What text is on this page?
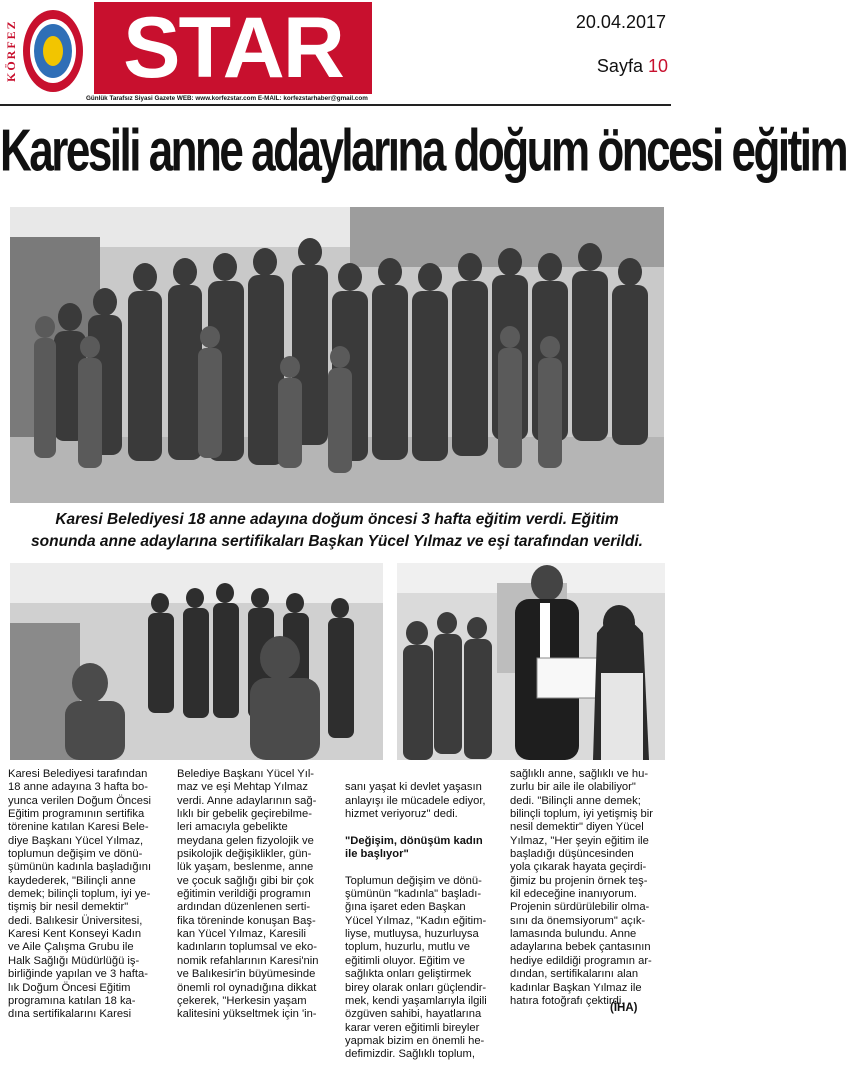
KÖRFEZ	STAR
Günlük Tarafsız Siyasi Gazete WEB: www.korfezstar.com E-MAIL: korfezstarhaber@gmail.com
20.04.2017
Sayfa 10
Karesili anne adaylarına doğum öncesi eğitim
Karesi Belediyesi 18 anne adayına doğum öncesi 3 hafta eğitim verdi. Eğitim
sonunda anne adaylarına sertifikaları Başkan Yücel Yılmaz ve eşi tarafından verildi.
Karesi Belediyesi tarafından
18 anne adayına 3 hafta bo-
yunca verilen Doğum Öncesi
Eğitim programının sertifika
törenine katılan Karesi Bele-
diye Başkanı Yücel Yılmaz,
toplumun değişim ve dönü-
şümünün kadınla başladığını
kaydederek, "Bilinçli anne
demek; bilinçli toplum, iyi ye-
tişmiş bir nesil demektir"
dedi. Balıkesir Üniversitesi,
Karesi Kent Konseyi Kadın
ve Aile Çalışma Grubu ile
Halk Sağlığı Müdürlüğü iş-
birliğinde yapılan ve 3 hafta-
lık Doğum Öncesi Eğitim
programına katılan 18 ka-
dına sertifikalarını Karesi
Belediye Başkanı Yücel Yıl-
maz ve eşi Mehtap Yılmaz
verdi. Anne adaylarının sağ-
lıklı bir gebelik geçirebilme-
leri amacıyla gebelikte
meydana gelen fizyolojik ve
psikolojik değişiklikler, gün-
lük yaşam, beslenme, anne
ve çocuk sağlığı gibi bir çok
eğitimin verildiği programın
ardından düzenlenen serti-
fika töreninde konuşan Baş-
kan Yücel Yılmaz, Karesili
kadınların toplumsal ve eko-
nomik refahlarının Karesi'nin
ve Balıkesir'in büyümesinde
önemli rol oynadığına dikkat
çekerek, "Herkesin yaşam
kalitesini yükseltmek için 'in-

sanı yaşat ki devlet yaşasın
anlayışı ile mücadele ediyor,
hizmet veriyoruz" dedi.

"Değişim, dönüşüm kadın
ile başlıyor"

Toplumun değişim ve dönü-
şümünün "kadınla" başladı-
ğına işaret eden Başkan
Yücel Yılmaz, "Kadın eğitim-
liyse, mutluysa, huzurluysa
toplum, huzurlu, mutlu ve
eğitimli oluyor. Eğitim ve
sağlıkta onları geliştirmek
birey olarak onları güçlendir-
mek, kendi yaşamlarıyla ilgili
özgüven sahibi, hayatlarına
karar veren eğitimli bireyler
yapmak bizim en önemli he-
defimizdir. Sağlıklı toplum,

sağlıklı anne, sağlıklı ve hu-
zurlu bir aile ile olabiliyor"
dedi. "Bilinçli anne demek;
bilinçli toplum, iyi yetişmiş bir
nesil demektir" diyen Yücel
Yılmaz, "Her şeyin eğitim ile
başladığı düşüncesinden
yola çıkarak hayata geçirdi-
ğimiz bu projenin örnek teş-
kil edeceğine inanıyorum.
Projenin sürdürülebilir olma-
sını da önemsiyorum" açık-
lamasında bulundu. Anne
adaylarına bebek çantasının
hediye edildiği programın ar-
dından, sertifikalarını alan
kadınlar Başkan Yılmaz ile
hatıra fotoğrafı çektirdi.
(İHA)
